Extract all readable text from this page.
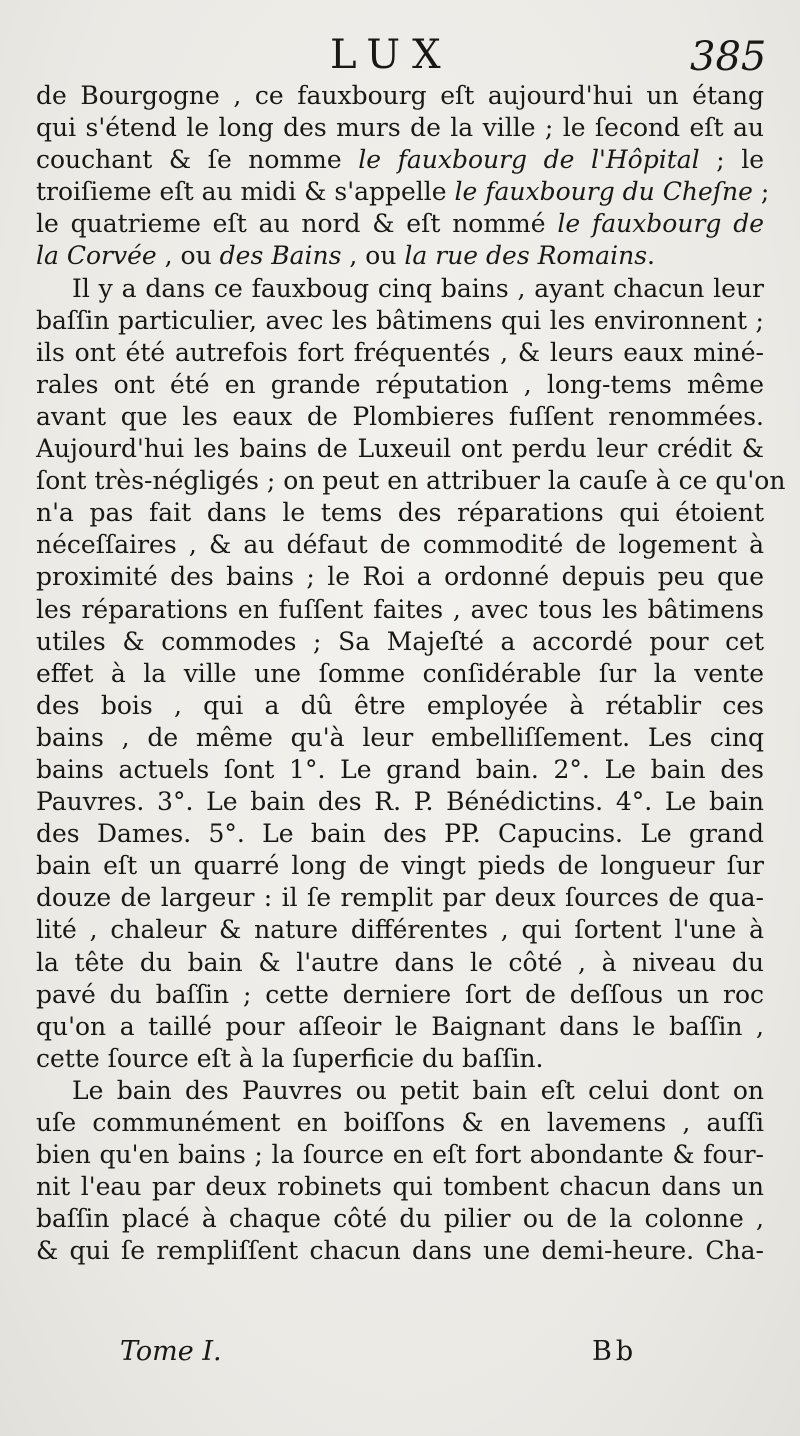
LUX	385
de Bourgogne , ce fauxbourg eſt aujourd'hui un étang
qui s'étend le long des murs de la ville ; le ſecond eſt au
couchant & ſe nomme le fauxbourg de l'Hôpital ; le
troiſieme eſt au midi & s'appelle le fauxbourg du Cheſne ;
le quatrieme eſt au nord & eſt nommé le fauxbourg de
la Corvée , ou des Bains , ou la rue des Romains.
Il y a dans ce fauxboug cinq bains , ayant chacun leur
baſſin particulier, avec les bâtimens qui les environnent ;
ils ont été autrefois fort fréquentés , & leurs eaux miné-
rales ont été en grande réputation , long-tems même
avant que les eaux de Plombieres fuſſent renommées.
Aujourd'hui les bains de Luxeuil ont perdu leur crédit &
ſont très-négligés ; on peut en attribuer la cauſe à ce qu'on
n'a pas fait dans le tems des réparations qui étoient
néceſſaires , & au défaut de commodité de logement à
proximité des bains ; le Roi a ordonné depuis peu que
les réparations en fuſſent faites , avec tous les bâtimens
utiles & commodes ; Sa Majeſté a accordé pour cet
effet à la ville une ſomme conſidérable ſur la vente
des bois , qui a dû être employée à rétablir ces
bains , de même qu'à leur embelliſſement. Les cinq
bains actuels ſont 1°. Le grand bain. 2°. Le bain des
Pauvres. 3°. Le bain des R. P. Bénédictins. 4°. Le bain
des Dames. 5°. Le bain des PP. Capucins. Le grand
bain eſt un quarré long de vingt pieds de longueur ſur
douze de largeur : il ſe remplit par deux ſources de qua-
lité , chaleur & nature différentes , qui ſortent l'une à
la tête du bain & l'autre dans le côté , à niveau du
pavé du baſſin ; cette derniere ſort de deſſous un roc
qu'on a taillé pour aſſeoir le Baignant dans le baſſin ,
cette ſource eſt à la ſuperficie du baſſin.
Le bain des Pauvres ou petit bain eſt celui dont on
uſe communément en boiſſons & en lavemens , auſſi
bien qu'en bains ; la ſource en eſt fort abondante & four-
nit l'eau par deux robinets qui tombent chacun dans un
baſſin placé à chaque côté du pilier ou de la colonne ,
& qui ſe rempliſſent chacun dans une demi-heure. Cha-
Tome I.	Bb
